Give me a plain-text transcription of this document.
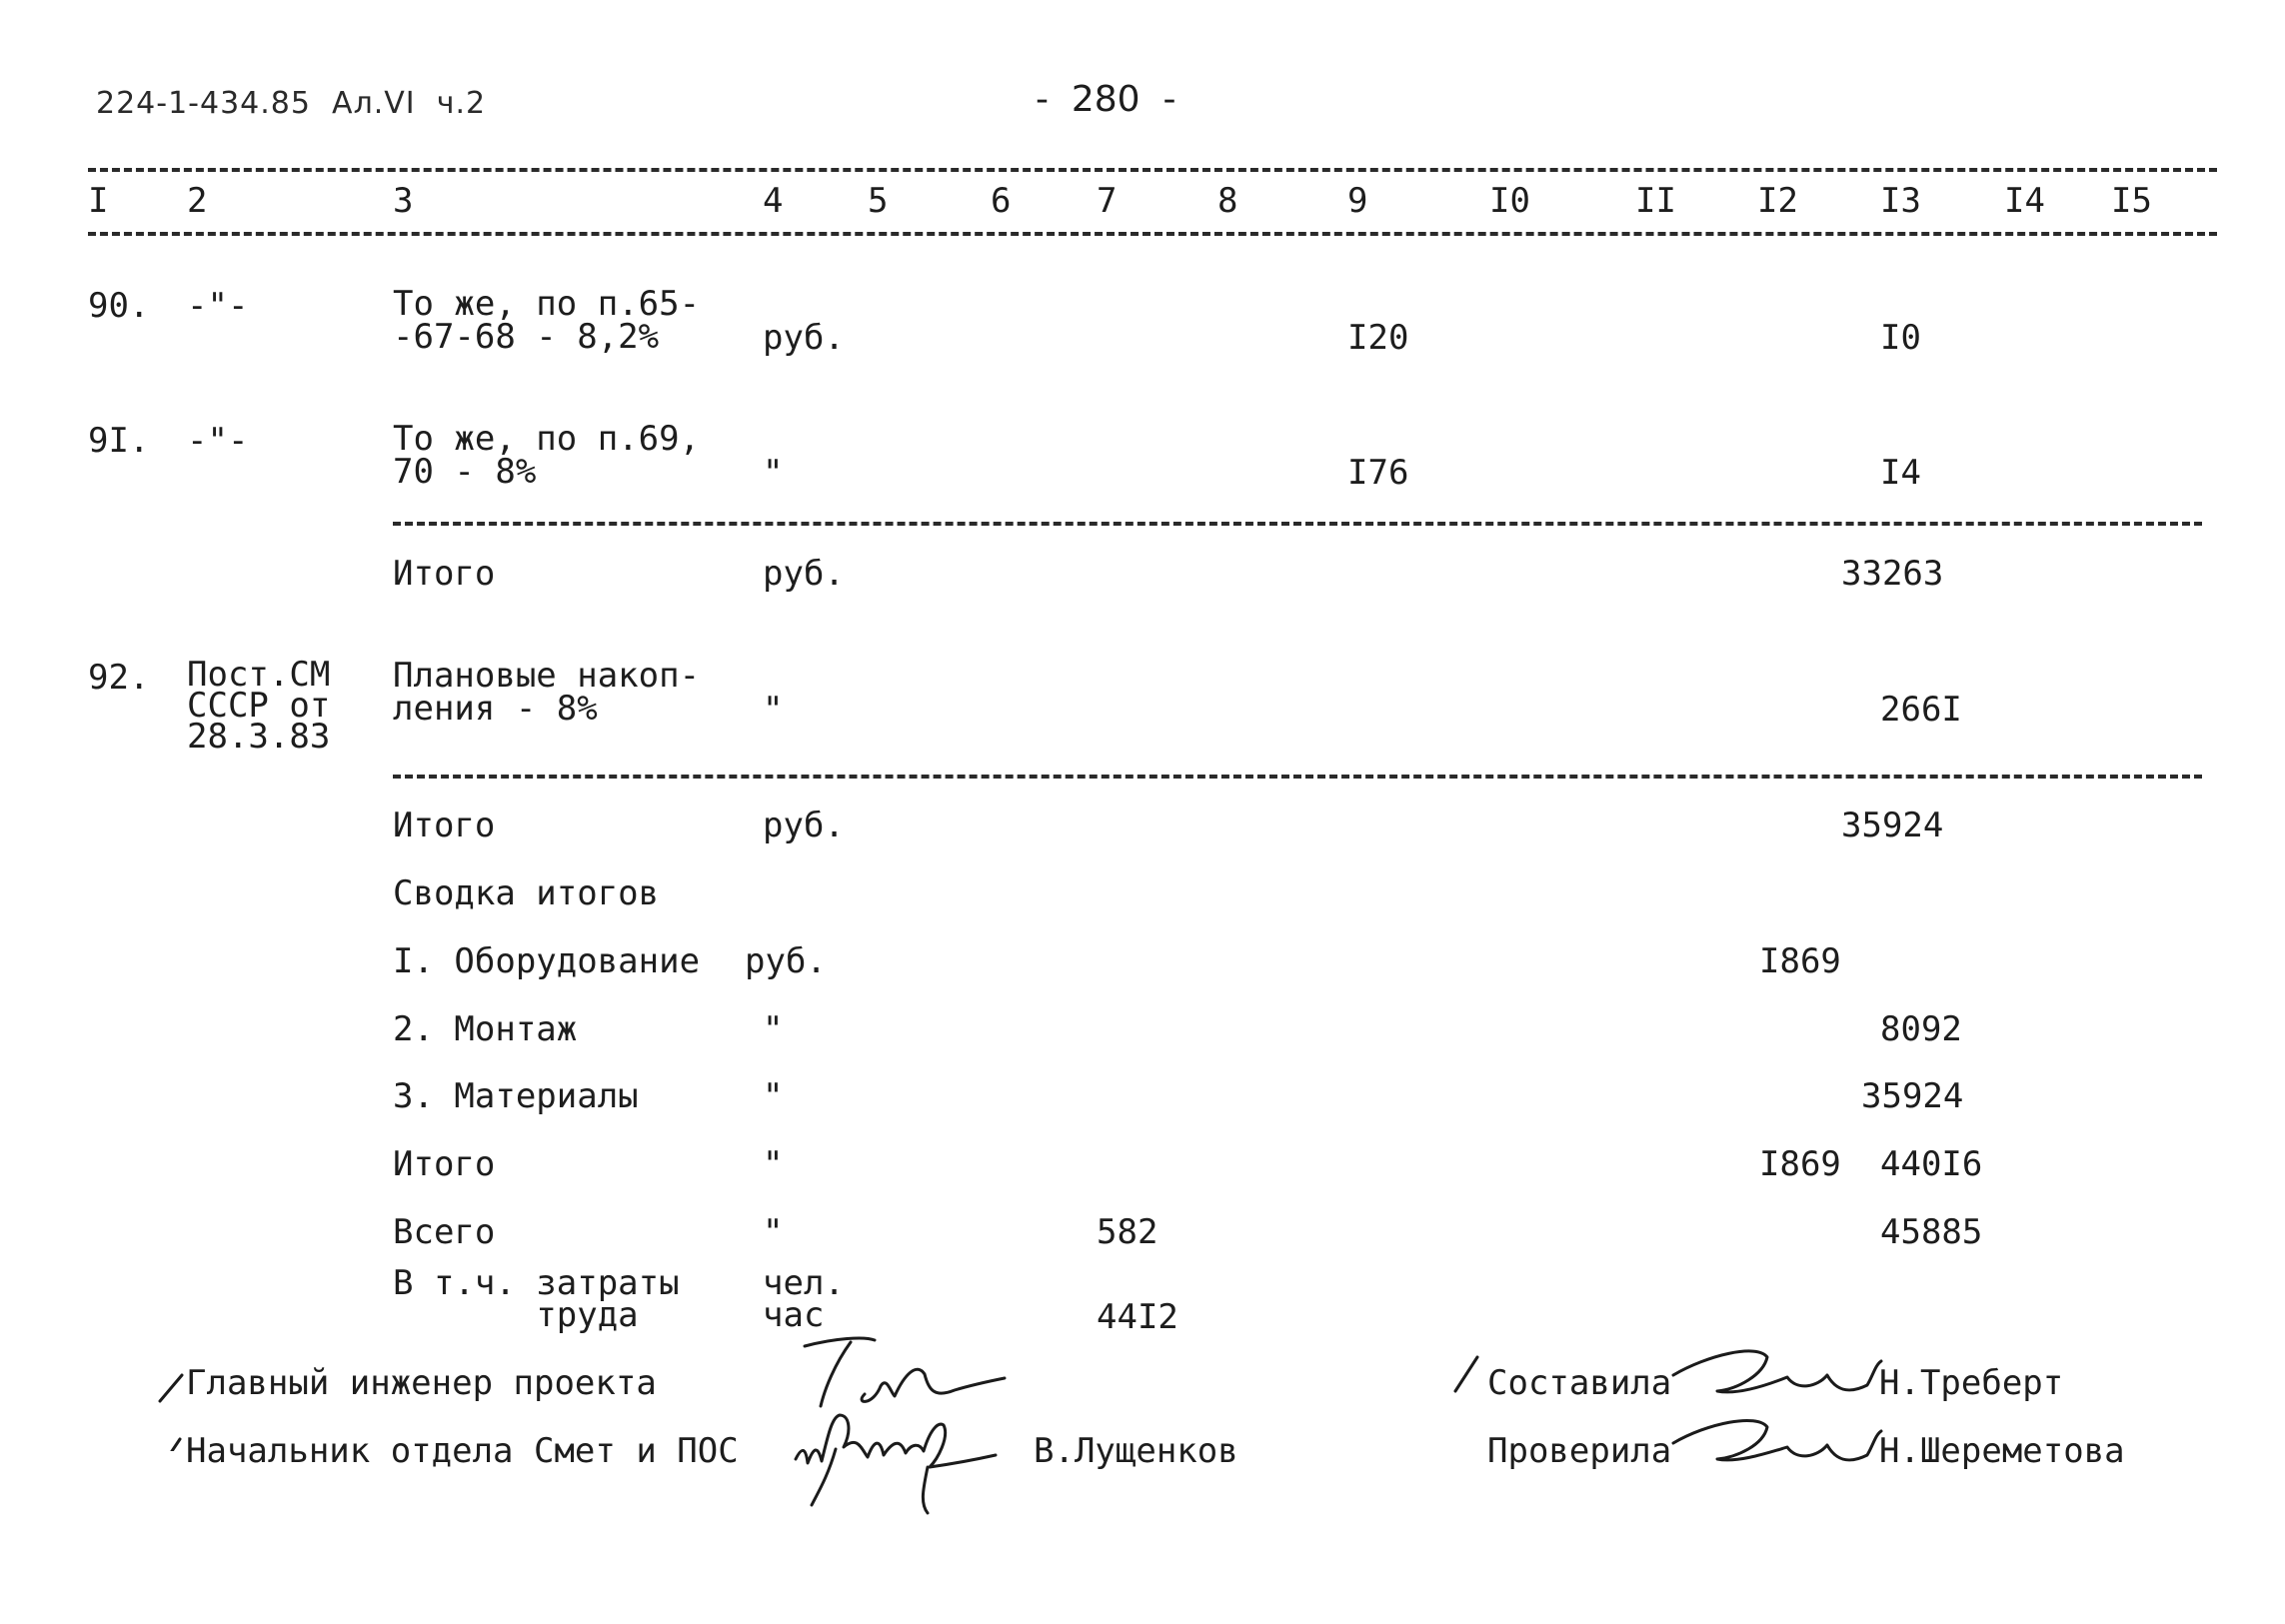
224-1-434.85  Ал.VI  ч.2	-  280  -
I 2	3	4 5	6	7	8	9	I0	II I2 I3 I4 I5
90. -"-	То же, по п.65-
-67-68 - 8,2%	руб.	I20	I0
9I. -"-	То же, по п.69,
70 - 8%	"	I76	I4
Итого	руб.	33263
92. Пост.СМ
СССР от
28.3.83
Плановые накоп-
ления - 8%	"	266I
Итого	руб.	35924
Сводка итогов
I. Оборудование руб.	I869
2. Монтаж	"	8092
3. Материалы	"	35924
Итого	"	I869 440I6
Всего	"	582	45885
В т.ч. затраты
труда
чел.
час	44I2
Главный инженер проекта
Начальник отдела Смет и ПОС	В.Лущенков
Составила	Н.Треберт
Проверила	Н.Шереметова
